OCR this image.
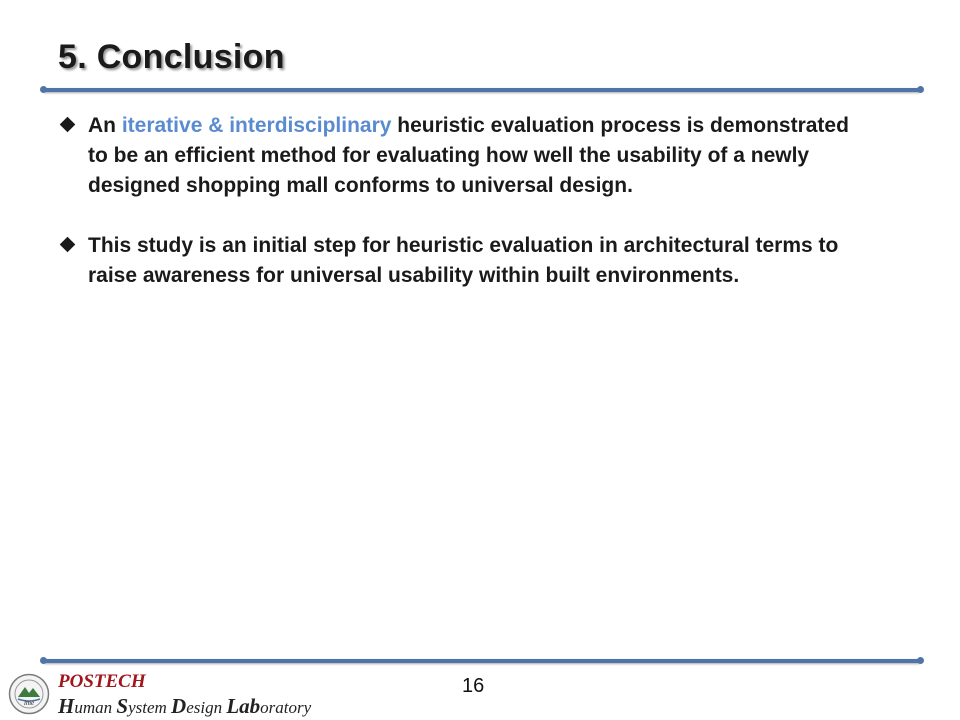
5. Conclusion
An iterative & interdisciplinary heuristic evaluation process is demonstrated to be an efficient method for evaluating how well the usability of a newly designed shopping mall conforms to universal design.
This study is an initial step for heuristic evaluation in architectural terms to raise awareness for universal usability within built environments.
ime
POSTECH
Human System Design Laboratory
16
